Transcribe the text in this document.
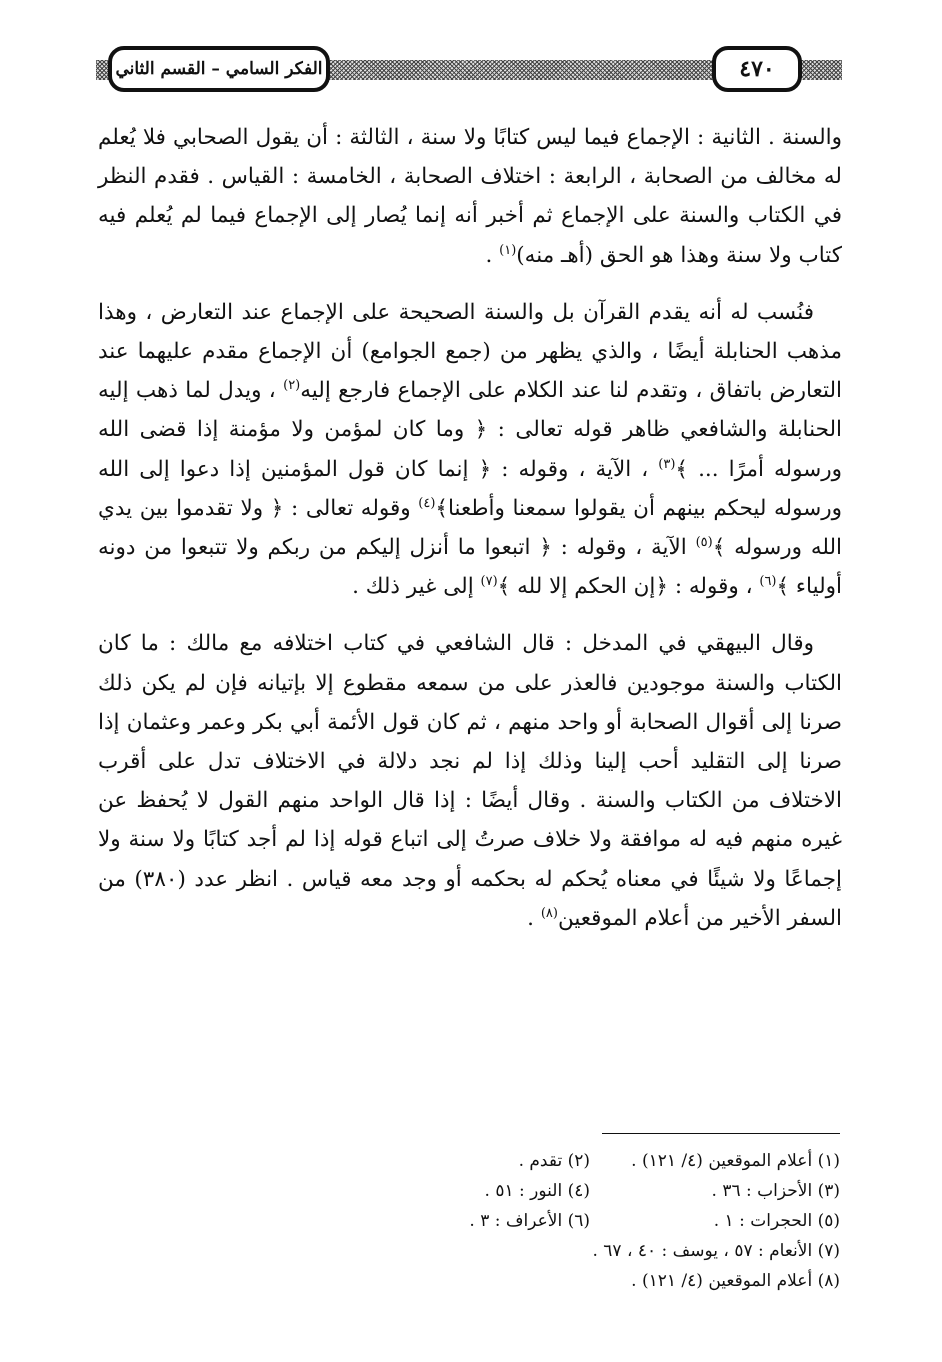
٤٧٠
الفكر السامي – القسم الثاني

والسنة . الثانية : الإجماع فيما ليس كتابًا ولا سنة ، الثالثة : أن يقول الصحابي فلا يُعلم له مخالف من الصحابة ، الرابعة : اختلاف الصحابة ، الخامسة : القياس . فقدم النظر في الكتاب والسنة على الإجماع ثم أخبر أنه إنما يُصار إلى الإجماع فيما لم يُعلم فيه كتاب ولا سنة وهذا هو الحق (أهـ منه)$^{(١)}$ .

فنُسب له أنه يقدم القرآن بل والسنة الصحيحة على الإجماع عند التعارض ، وهذا مذهب الحنابلة أيضًا ، والذي يظهر من (جمع الجوامع) أن الإجماع مقدم عليهما عند التعارض باتفاق ، وتقدم لنا عند الكلام على الإجماع فارجع إليه$^{(٢)}$ ، ويدل لما ذهب إليه الحنابلة والشافعي ظاهر قوله تعالى : ﴿ وما كان لمؤمن ولا مؤمنة إذا قضى الله ورسوله أمرًا ... ﴾$^{(٣)}$ ، الآية ، وقوله : ﴿ إنما كان قول المؤمنين إذا دعوا إلى الله ورسوله ليحكم بينهم أن يقولوا سمعنا وأطعنا﴾$^{(٤)}$ وقوله تعالى : ﴿ ولا تقدموا بين يدي الله ورسوله ﴾$^{(٥)}$ الآية ، وقوله : ﴿ اتبعوا ما أنزل إليكم من ربكم ولا تتبعوا من دونه أولياء ﴾$^{(٦)}$ ، وقوله : ﴿إن الحكم إلا لله ﴾$^{(٧)}$ إلى غير ذلك .

وقال البيهقي في المدخل : قال الشافعي في كتاب اختلافه مع مالك : ما كان الكتاب والسنة موجودين فالعذر على من سمعه مقطوع إلا بإتيانه فإن لم يكن ذلك صرنا إلى أقوال الصحابة أو واحد منهم ، ثم كان قول الأئمة أبي بكر وعمر وعثمان إذا صرنا إلى التقليد أحب إلينا وذلك إذا لم نجد دلالة في الاختلاف تدل على أقرب الاختلاف من الكتاب والسنة . وقال أيضًا : إذا قال الواحد منهم القول لا يُحفظ عن غيره منهم فيه له موافقة ولا خلاف صرتُ إلى اتباع قوله إذا لم أجد كتابًا ولا سنة ولا إجماعًا ولا شيئًا في معناه يُحكم له بحكمه أو وجد معه قياس . انظر عدد (٣٨٠) من السفر الأخير من أعلام الموقعين$^{(٨)}$ .

(١) أعلام الموقعين (٤/ ١٢١) .
(٢) تقدم .
(٣) الأحزاب : ٣٦ .
(٤) النور : ٥١ .
(٥) الحجرات : ١ .
(٦) الأعراف : ٣ .
(٧) الأنعام : ٥٧ ، يوسف : ٤٠ ، ٦٧ .
(٨) أعلام الموقعين (٤/ ١٢١) .
